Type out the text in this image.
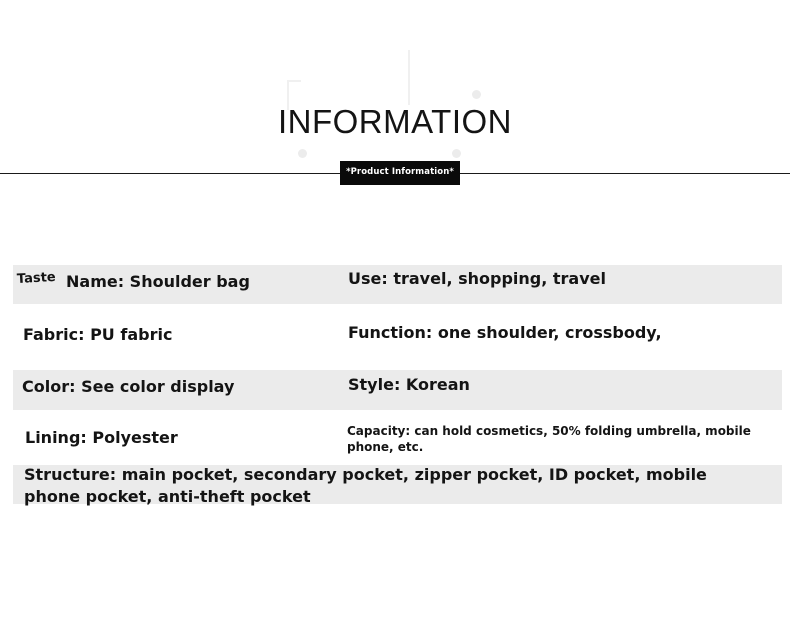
INFORMATION
*Product Information*
Taste Name: Shoulder bag	Use: travel, shopping, travel
Fabric: PU fabric	Function: one shoulder, crossbody,
Color: See color display	Style: Korean
Lining: Polyester	Capacity: can hold cosmetics, 50% folding umbrella, mobile phone, etc.
Structure: main pocket, secondary pocket, zipper pocket, ID pocket, mobile phone pocket, anti-theft pocket
